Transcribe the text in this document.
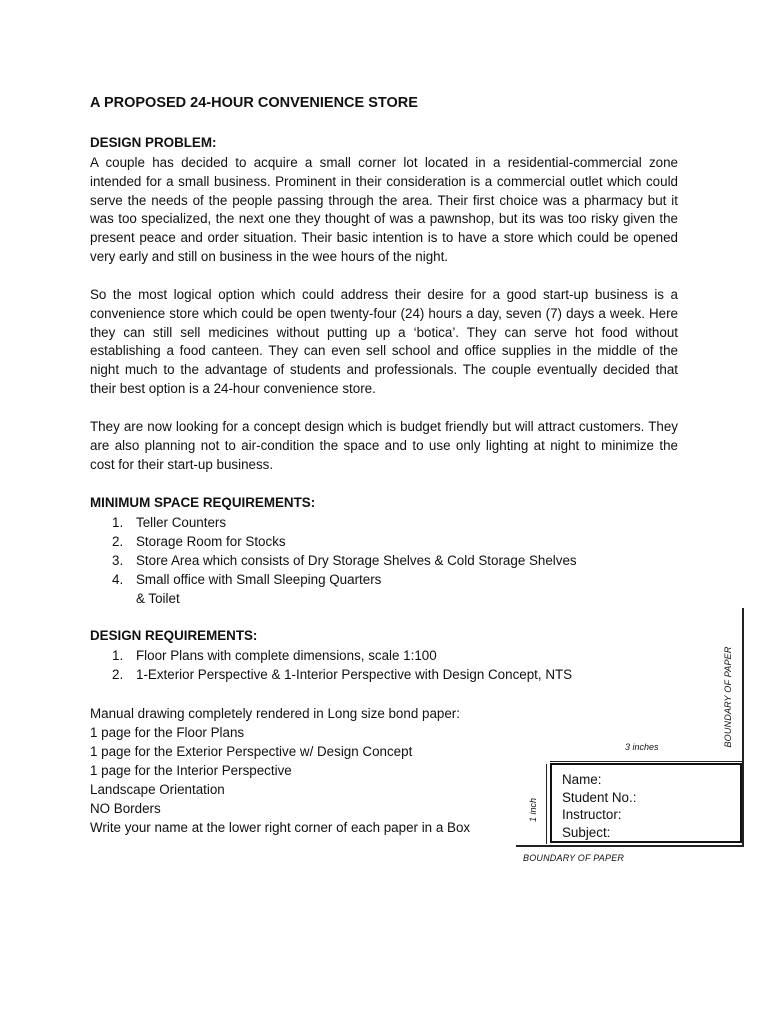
A PROPOSED 24-HOUR CONVENIENCE STORE
DESIGN PROBLEM:
A couple has decided to acquire a small corner lot located in a residential-commercial zone intended for a small business. Prominent in their consideration is a commercial outlet which could serve the needs of the people passing through the area. Their first choice was a pharmacy but it was too specialized, the next one they thought of was a pawnshop, but its was too risky given the present peace and order situation. Their basic intention is to have a store which could be opened very early and still on business in the wee hours of the night.
So the most logical option which could address their desire for a good start-up business is a convenience store which could be open twenty-four (24) hours a day, seven (7) days a week. Here they can still sell medicines without putting up a ‘botica’. They can serve hot food without establishing a food canteen. They can even sell school and office supplies in the middle of the night much to the advantage of students and professionals. The couple eventually decided that their best option is a 24-hour convenience store.
They are now looking for a concept design which is budget friendly but will attract customers. They are also planning not to air-condition the space and to use only lighting at night to minimize the cost for their start-up business.
MINIMUM SPACE REQUIREMENTS:
1. Teller Counters
2. Storage Room for Stocks
3. Store Area which consists of Dry Storage Shelves & Cold Storage Shelves
4. Small office with Small Sleeping Quarters
& Toilet
DESIGN REQUIREMENTS:
1. Floor Plans with complete dimensions, scale 1:100
2. 1-Exterior Perspective & 1-Interior Perspective with Design Concept, NTS
Manual drawing completely rendered in Long size bond paper:
1 page for the Floor Plans
1 page for the Exterior Perspective w/ Design Concept
1 page for the Interior Perspective
Landscape Orientation
NO Borders
Write your name at the lower right corner of each paper in a Box
BOUNDARY OF PAPER
3 inches
1 inch
BOUNDARY OF PAPER
Name:
Student No.:
Instructor:
Subject:
